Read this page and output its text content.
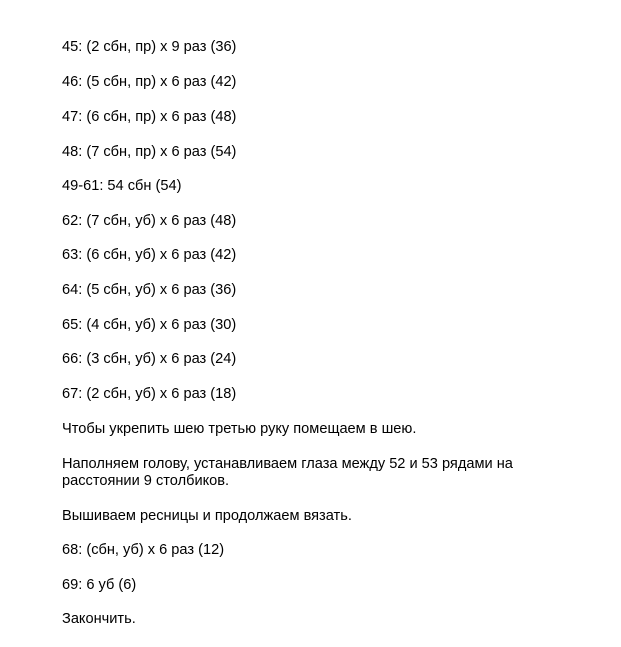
45: (2 сбн, пр) х 9 раз (36)

46: (5 сбн, пр) х 6 раз (42)

47: (6 сбн, пр) х 6 раз (48)

48: (7 сбн, пр) х 6 раз (54)

49-61: 54 сбн (54)

62: (7 сбн, уб) х 6 раз (48)

63: (6 сбн, уб) х 6 раз (42)

64: (5 сбн, уб) х 6 раз (36)

65: (4 сбн, уб) х 6 раз (30)

66: (3 сбн, уб) х 6 раз (24)

67: (2 сбн, уб) х 6 раз (18)

Чтобы укрепить шею третью руку помещаем в шею.

Наполняем голову, устанавливаем глаза между 52 и 53 рядами на

расстоянии 9 столбиков.

Вышиваем ресницы и продолжаем вязать.

68: (сбн, уб) х 6 раз (12)

69: 6 уб (6)

Закончить.
